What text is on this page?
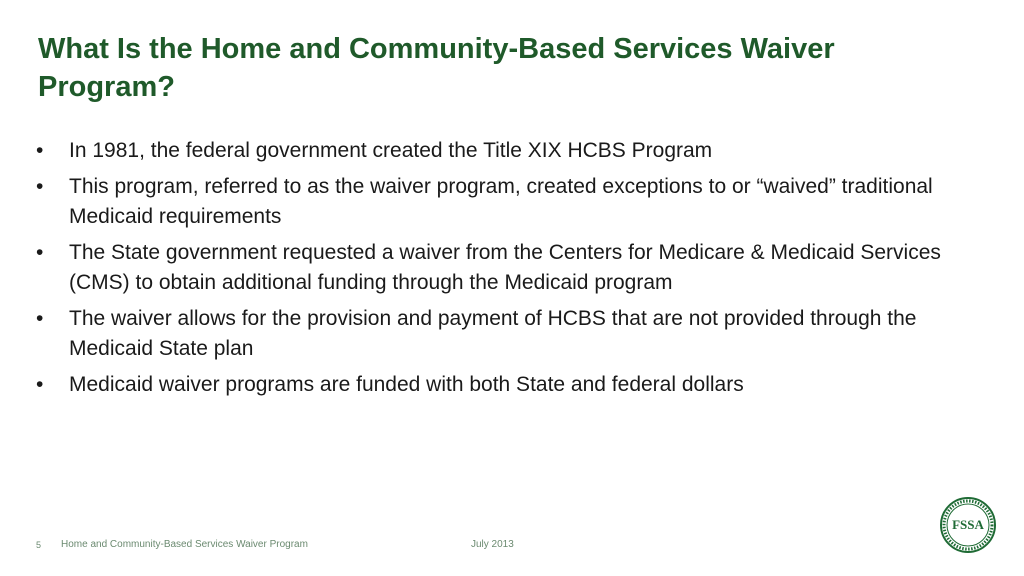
What Is the Home and Community-Based Services Waiver Program?
• In 1981, the federal government created the Title XIX HCBS Program
• This program, referred to as the waiver program, created exceptions to or “waived” traditional Medicaid requirements
• The State government requested a waiver from the Centers for Medicare & Medicaid Services (CMS) to obtain additional funding through the Medicaid program
• The waiver allows for the provision and payment of HCBS that are not provided through the Medicaid State plan
• Medicaid waiver programs are funded with both State and federal dollars
5 Home and Community-Based Services Waiver Program	July 2013
FSSA
